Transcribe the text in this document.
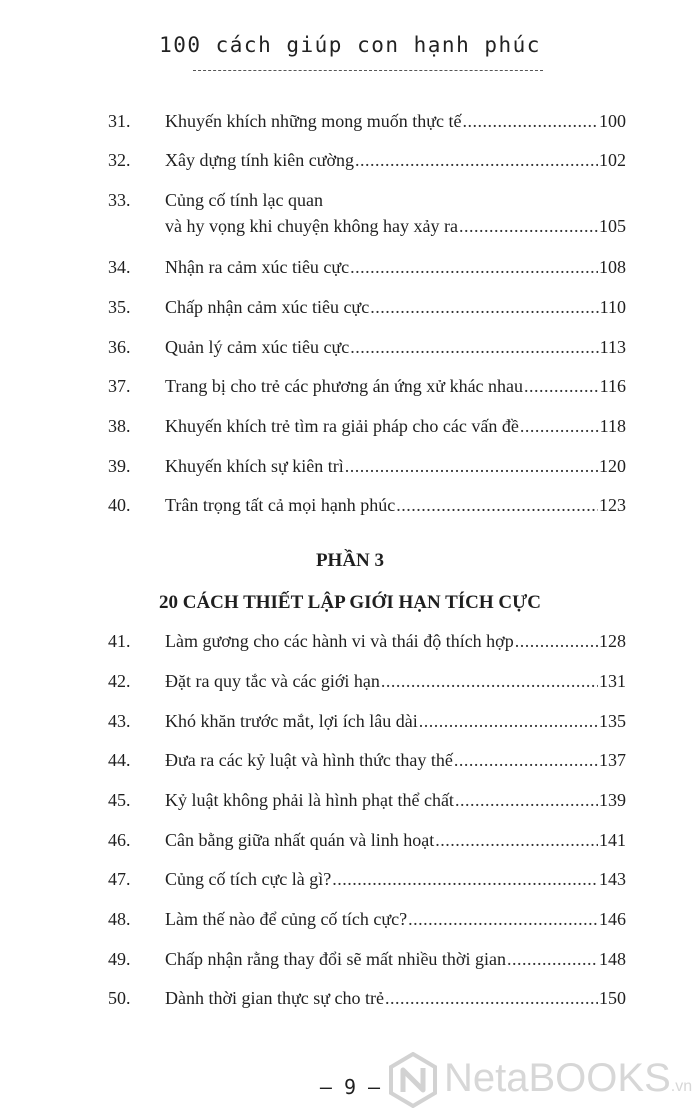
100 cách giúp con hạnh phúc
31. Khuyến khích những mong muốn thực tế .....	100
32. Xây dựng tính kiên cường .....	102
33. Củng cố tính lạc quan
và hy vọng khi chuyện không hay xảy ra .....	105
34. Nhận ra cảm xúc tiêu cực .....	108
35. Chấp nhận cảm xúc tiêu cực .....	110
36. Quản lý cảm xúc tiêu cực .....	113
37. Trang bị cho trẻ các phương án ứng xử khác nhau .....	116
38. Khuyến khích trẻ tìm ra giải pháp cho các vấn đề .....	118
39. Khuyến khích sự kiên trì .....	120
40. Trân trọng tất cả mọi hạnh phúc .....	123
PHẦN 3
20 CÁCH THIẾT LẬP GIỚI HẠN TÍCH CỰC
41. Làm gương cho các hành vi và thái độ thích hợp .....	128
42. Đặt ra quy tắc và các giới hạn .....	131
43. Khó khăn trước mắt, lợi ích lâu dài .....	135
44. Đưa ra các kỷ luật và hình thức thay thế .....	137
45. Kỷ luật không phải là hình phạt thể chất .....	139
46. Cân bằng giữa nhất quán và linh hoạt .....	141
47. Củng cố tích cực là gì? .....	143
48. Làm thế nào để củng cố tích cực? .....	146
49. Chấp nhận rằng thay đổi sẽ mất nhiều thời gian .....	148
50. Dành thời gian thực sự cho trẻ .....	150
– 9 –	NetaBOOKS.vn
